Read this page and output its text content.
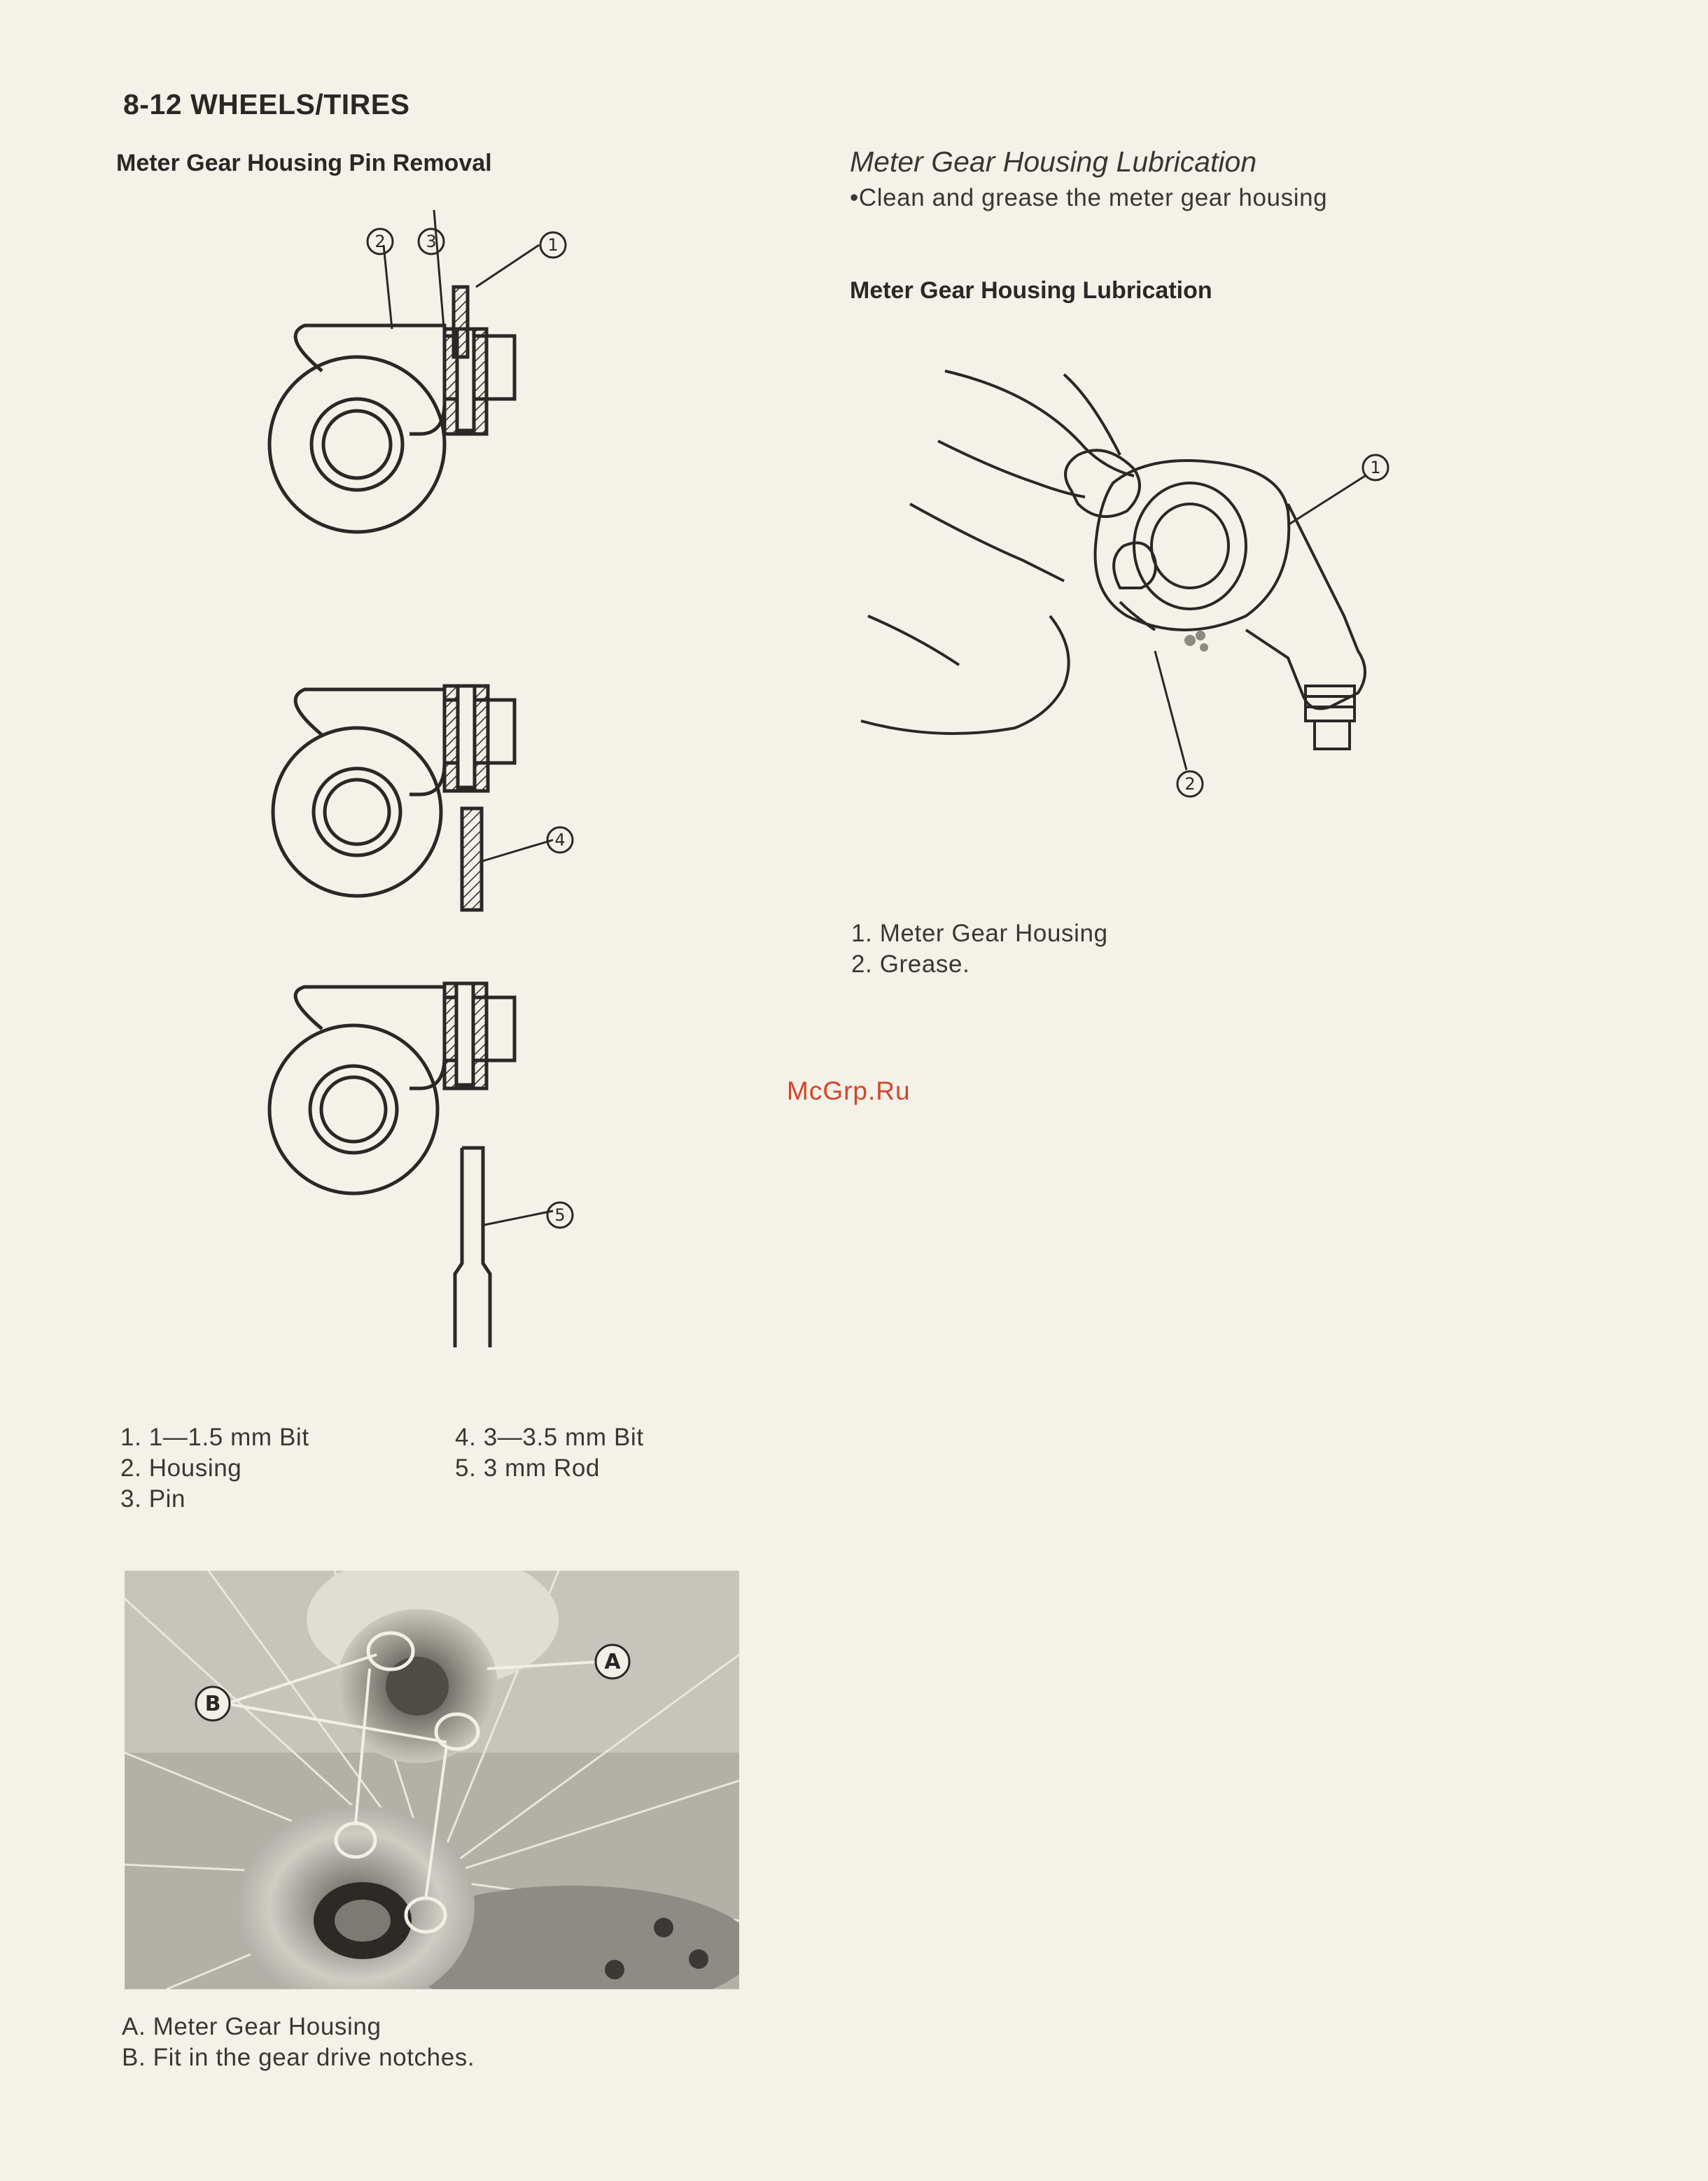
8-12 WHEELS/TIRES
Meter Gear Housing Pin Removal
1
2 3
4
5
1. 1—1.5 mm Bit
2. Housing
3. Pin
4. 3—3.5 mm Bit
5. 3 mm Rod
A
B
A. Meter Gear Housing
B. Fit in the gear drive notches.
Meter Gear Housing Lubrication
•Clean and grease the meter gear housing
Meter Gear Housing Lubrication
1
2
1. Meter Gear Housing
2. Grease.
McGrp.Ru
